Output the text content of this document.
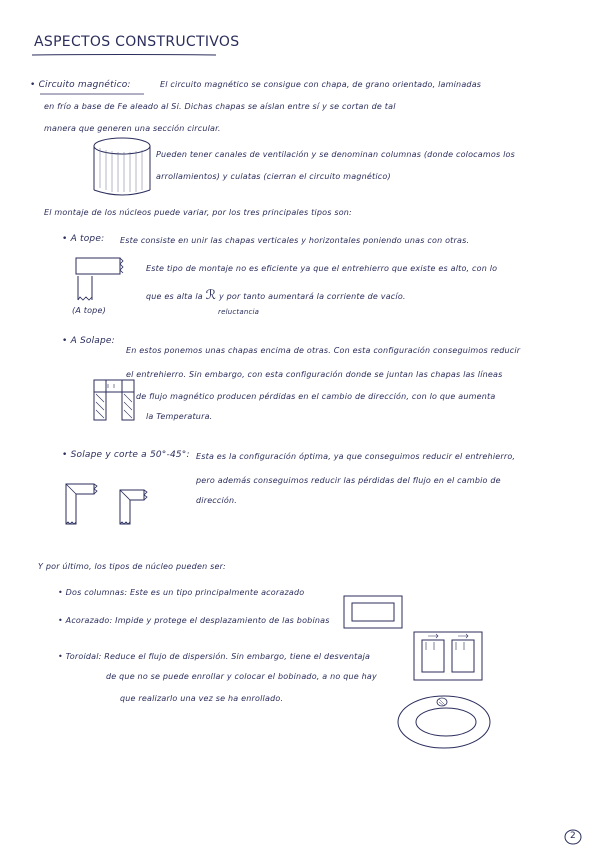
ASPECTOS CONSTRUCTIVOS
• Circuito magnético:	El circuito magnético se consigue con chapa, de grano orientado, laminadas
en frío a base de Fe aleado al Si. Dichas chapas se aíslan entre sí y se cortan de tal
manera que generen una sección circular.
Pueden tener canales de ventilación y se denominan columnas (donde colocamos los
arrollamientos) y culatas (cierran el circuito magnético)
El montaje de los núcleos puede variar, por los tres principales tipos son:
• A tope: Este consiste en unir las chapas verticales y horizontales poniendo unas con otras.
Este tipo de montaje no es eficiente ya que el entrehierro que existe es alto, con lo
que es alta la ℛ y por tanto aumentará la corriente de vacío.
reluctancia
(A tope)
• A Solape:
En estos ponemos unas chapas encima de otras. Con esta configuración conseguimos reducir
el entrehierro. Sin embargo, con esta configuración donde se juntan las chapas las líneas
de flujo magnético producen pérdidas en el cambio de dirección, con lo que aumenta
la Temperatura.
• Solape y corte a 50°-45°: Esta es la configuración óptima, ya que conseguimos reducir el entrehierro,
pero además conseguimos reducir las pérdidas del flujo en el cambio de
dirección.
Y por último, los tipos de núcleo pueden ser:
• Dos columnas: Este es un tipo principalmente acorazado
• Acorazado: Impide y protege el desplazamiento de las bobinas
• Toroidal: Reduce el flujo de dispersión. Sin embargo, tiene el desventaja
de que no se puede enrollar y colocar el bobinado, a no que hay
que realizarlo una vez se ha enrollado.
2
